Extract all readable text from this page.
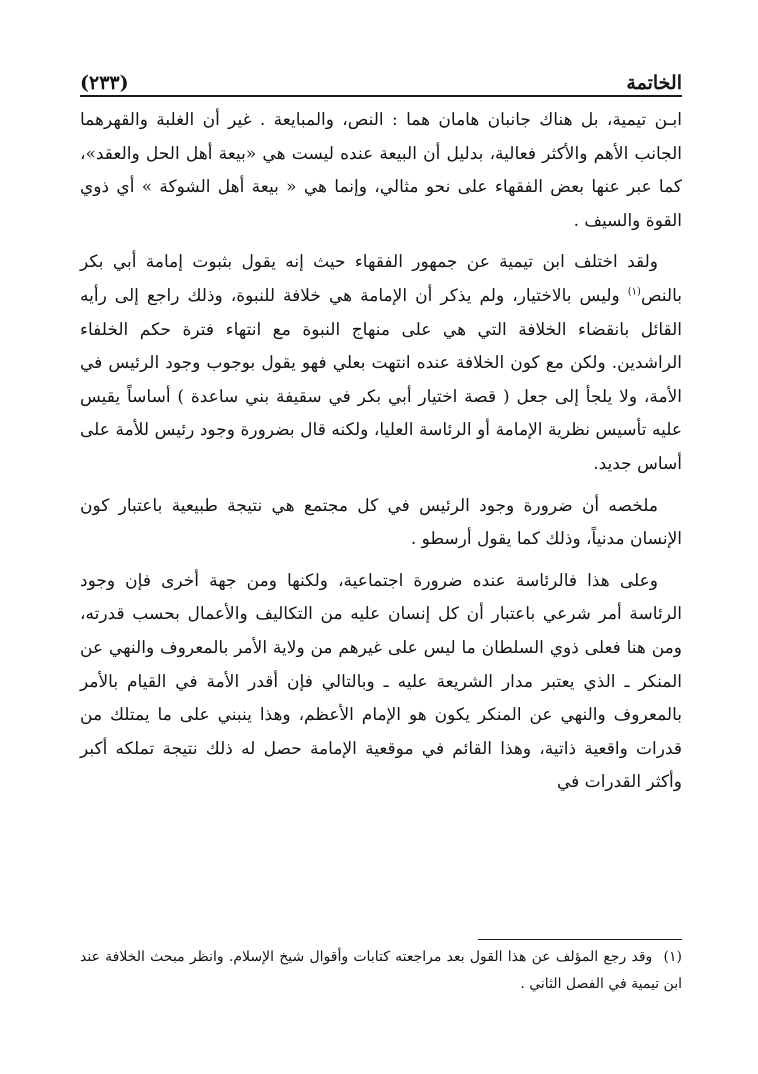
الخاتمة
(٢٣٣)

ابـن تيمية، بل هناك جانبان هامان هما : النص، والمبايعة . غير أن الغلبة والقهرهما الجانب الأهم والأكثر فعالية، بدليل أن البيعة عنده ليست هي «بيعة أهل الحل والعقد»، كما عبر عنها بعض الفقهاء على نحو مثالي، وإنما هي « بيعة أهل الشوكة » أي ذوي القوة والسيف .

ولقد اختلف ابن تيمية عن جمهور الفقهاء حيث إنه يقول بثبوت إمامة أبي بكر بالنص$^{(١)}$ وليس بالاختيار، ولم يذكر أن الإمامة هي خلافة للنبوة، وذلك راجع إلى رأيه القائل بانقضاء الخلافة التي هي على منهاج النبوة مع انتهاء فترة حكم الخلفاء الراشدين. ولكن مع كون الخلافة عنده انتهت بعلي فهو يقول بوجوب وجود الرئيس في الأمة، ولا يلجأ إلى جعل ( قصة اختيار أبي بكر في سقيفة بني ساعدة ) أساساً يقيس عليه تأسيس نظرية الإمامة أو الرئاسة العليا، ولكنه قال بضرورة وجود رئيس للأمة على أساس جديد.

ملخصه أن ضرورة وجود الرئيس في كل مجتمع هي نتيجة طبيعية باعتبار كون الإنسان مدنياً، وذلك كما يقول أرسطو .

وعلى هذا فالرئاسة عنده ضرورة اجتماعية، ولكنها ومن جهة أخرى فإن وجود الرئاسة أمر شرعي باعتبار أن كل إنسان عليه من التكاليف والأعمال بحسب قدرته، ومن هنا فعلى ذوي السلطان ما ليس على غيرهم من ولاية الأمر بالمعروف والنهي عن المنكر ـ الذي يعتبر مدار الشريعة عليه ـ وبالتالي فإن أقدر الأمة في القيام بالأمر بالمعروف والنهي عن المنكر يكون هو الإمام الأعظم، وهذا ينبني على ما يمتلك من قدرات واقعية ذاتية، وهذا القائم في موقعية الإمامة حصل له ذلك نتيجة تملكه أكبر وأكثر القدرات في

(١) وقد رجع المؤلف عن هذا القول بعد مراجعته كتابات وأقوال شيخ الإسلام. وانظر مبحث الخلافة عند ابن تيمية في الفصل الثاني .
